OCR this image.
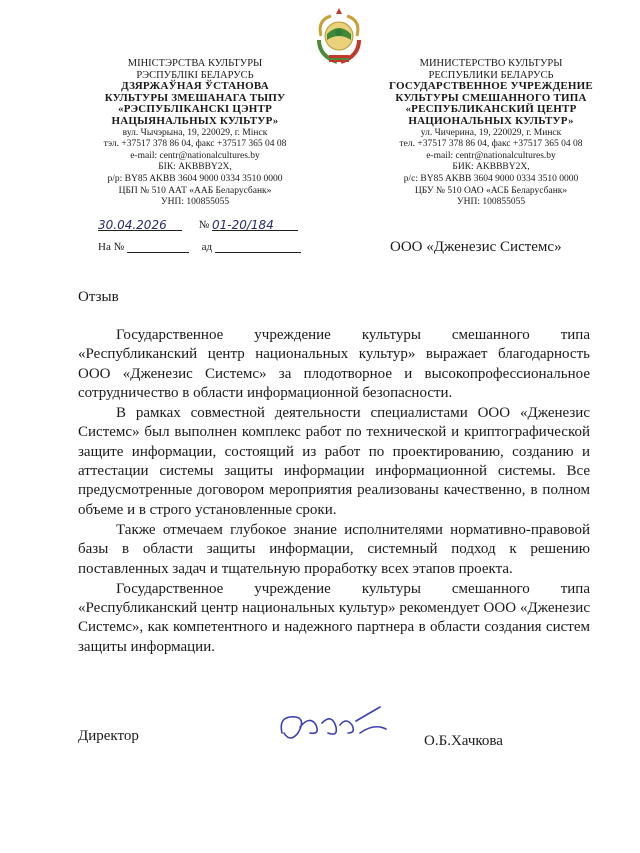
МІНІСТЭРСТВА КУЛЬТУРЫ
РЭСПУБЛІКІ БЕЛАРУСЬ
ДЗЯРЖАЎНАЯ ЎСТАНОВА
КУЛЬТУРЫ ЗМЕШАНАГА ТЫПУ
«РЭСПУБЛІКАНСКІ ЦЭНТР
НАЦЫЯНАЛЬНЫХ КУЛЬТУР»
вул. Чычэрына, 19, 220029, г. Мінск
тэл. +37517 378 86 04, факс +37517 365 04 08
e-mail: centr@nationalcultures.by
БІК: AKBBBY2X,
р/р: BY85 AKBB 3604 9000 0334 3510 0000
ЦБП № 510 ААТ «ААБ Беларусбанк»
УНП: 100855055
МИНИСТЕРСТВО КУЛЬТУРЫ
РЕСПУБЛИКИ БЕЛАРУСЬ
ГОСУДАРСТВЕННОЕ УЧРЕЖДЕНИЕ
КУЛЬТУРЫ СМЕШАННОГО ТИПА
«РЕСПУБЛИКАНСКИЙ ЦЕНТР
НАЦИОНАЛЬНЫХ КУЛЬТУР»
ул. Чичерина, 19, 220029, г. Минск
тел. +37517 378 86 04, факс +37517 365 04 08
e-mail: centr@nationalcultures.by
БИК: AKBBBY2X,
р/с: BY85 AKBB 3604 9000 0334 3510 0000
ЦБУ № 510 ОАО «АСБ Беларусбанк»
УНП: 100855055
30.04.2026	№ 01-20/184
На №	ад	ООО «Дженезис Системс»
Отзыв

Государственное учреждение культуры смешанного типа «Республиканский центр национальных культур» выражает благодарность ООО «Дженезис Системс» за плодотворное и высокопрофессиональное сотрудничество в области информационной безопасности.

В рамках совместной деятельности специалистами ООО «Дженезис Системс» был выполнен комплекс работ по технической и криптографической защите информации, состоящий из работ по проектированию, созданию и аттестации системы защиты информации информационной системы. Все предусмотренные договором мероприятия реализованы качественно, в полном объеме и в строго установленные сроки.

Также отмечаем глубокое знание исполнителями нормативно-правовой базы в области защиты информации, системный подход к решению поставленных задач и тщательную проработку всех этапов проекта.

Государственное учреждение культуры смешанного типа «Республиканский центр национальных культур» рекомендует ООО «Дженезис Системс», как компетентного и надежного партнера в области создания систем защиты информации.

Директор	О.Б.Хачкова
